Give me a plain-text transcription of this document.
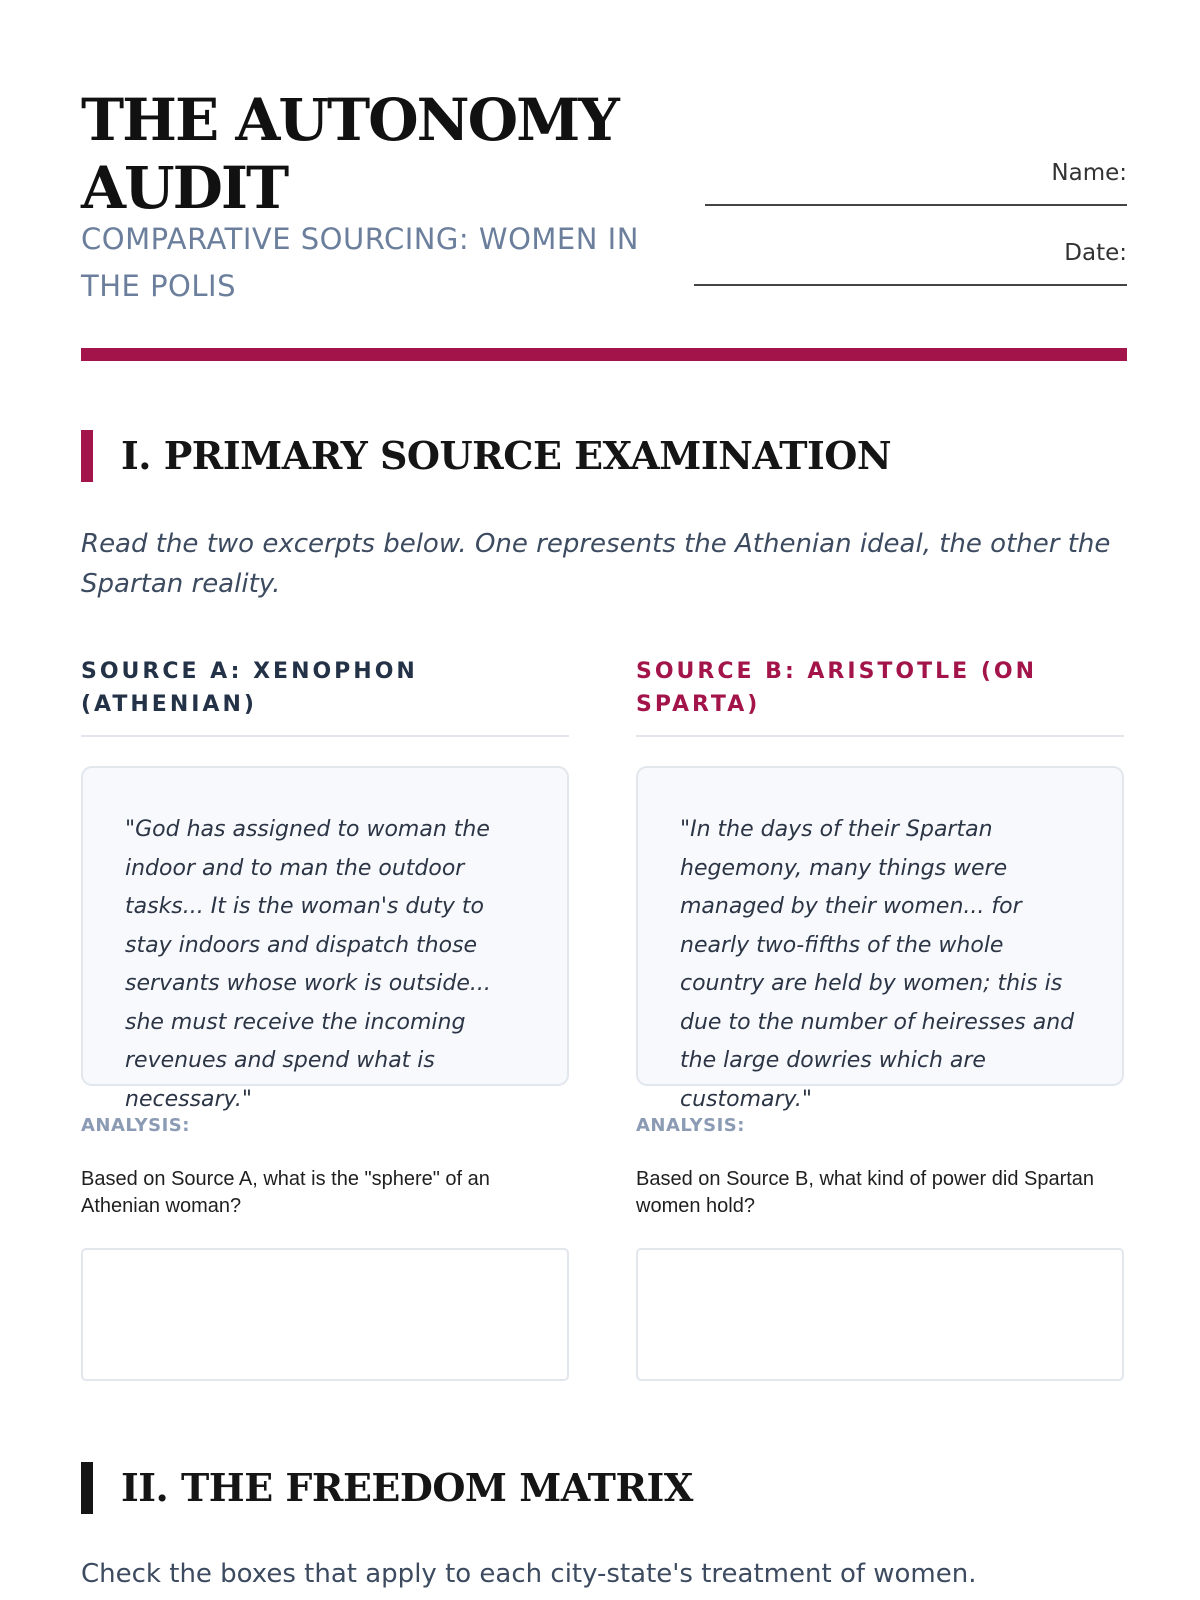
THE AUTONOMY AUDIT
COMPARATIVE SOURCING: WOMEN IN THE POLIS
Name:
Date:
I. PRIMARY SOURCE EXAMINATION

Read the two excerpts below. One represents the Athenian ideal, the other the Spartan reality.

SOURCE A: XENOPHON (ATHENIAN)
"God has assigned to woman the indoor and to man the outdoor tasks... It is the woman's duty to stay indoors and dispatch those servants whose work is outside... she must receive the incoming revenues and spend what is necessary."
ANALYSIS:
Based on Source A, what is the "sphere" of an Athenian woman?
SOURCE B: ARISTOTLE (ON SPARTA)
"In the days of their Spartan hegemony, many things were managed by their women... for nearly two-fifths of the whole country are held by women; this is due to the number of heiresses and the large dowries which are customary."
ANALYSIS:
Based on Source B, what kind of power did Spartan women hold?
II. THE FREEDOM MATRIX

Check the boxes that apply to each city-state's treatment of women.
